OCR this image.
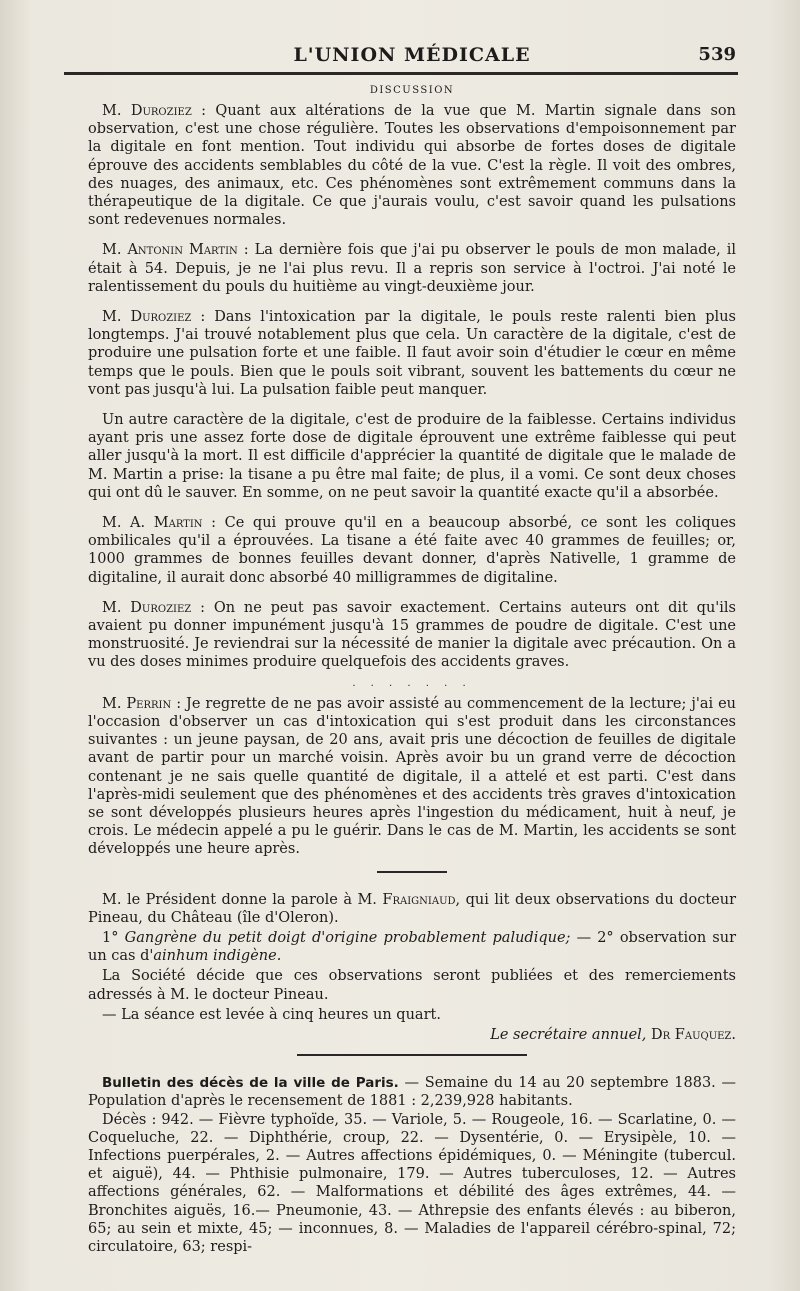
L'UNION MÉDICALE	539
DISCUSSION

M. Duroziez : Quant aux altérations de la vue que M. Martin signale dans son observation, c'est une chose régulière. Toutes les observations d'empoisonnement par la digitale en font mention. Tout individu qui absorbe de fortes doses de digitale éprouve des accidents semblables du côté de la vue. C'est la règle. Il voit des ombres, des nuages, des animaux, etc. Ces phénomènes sont extrêmement communs dans la thérapeutique de la digitale. Ce que j'aurais voulu, c'est savoir quand les pulsations sont redevenues normales.

M. Antonin Martin : La dernière fois que j'ai pu observer le pouls de mon malade, il était à 54. Depuis, je ne l'ai plus revu. Il a repris son service à l'octroi. J'ai noté le ralentissement du pouls du huitième au vingt-deuxième jour.

M. Duroziez : Dans l'intoxication par la digitale, le pouls reste ralenti bien plus longtemps. J'ai trouvé notablement plus que cela. Un caractère de la digitale, c'est de produire une pulsation forte et une faible. Il faut avoir soin d'étudier le cœur en même temps que le pouls. Bien que le pouls soit vibrant, souvent les battements du cœur ne vont pas jusqu'à lui. La pulsation faible peut manquer.

Un autre caractère de la digitale, c'est de produire de la faiblesse. Certains individus ayant pris une assez forte dose de digitale éprouvent une extrême faiblesse qui peut aller jusqu'à la mort. Il est difficile d'apprécier la quantité de digitale que le malade de M. Martin a prise: la tisane a pu être mal faite; de plus, il a vomi. Ce sont deux choses qui ont dû le sauver. En somme, on ne peut savoir la quantité exacte qu'il a absorbée.

M. A. Martin : Ce qui prouve qu'il en a beaucoup absorbé, ce sont les coliques ombilicales qu'il a éprouvées. La tisane a été faite avec 40 grammes de feuilles; or, 1000 grammes de bonnes feuilles devant donner, d'après Nativelle, 1 gramme de digitaline, il aurait donc absorbé 40 milligrammes de digitaline.

M. Duroziez : On ne peut pas savoir exactement. Certains auteurs ont dit qu'ils avaient pu donner impunément jusqu'à 15 grammes de poudre de digitale. C'est une monstruosité. Je reviendrai sur la nécessité de manier la digitale avec précaution. On a vu des doses minimes produire quelquefois des accidents graves.

. . . . . . .

M. Perrin : Je regrette de ne pas avoir assisté au commencement de la lecture; j'ai eu l'occasion d'observer un cas d'intoxication qui s'est produit dans les circonstances suivantes : un jeune paysan, de 20 ans, avait pris une décoction de feuilles de digitale avant de partir pour un marché voisin. Après avoir bu un grand verre de décoction contenant je ne sais quelle quantité de digitale, il a attelé et est parti. C'est dans l'après-midi seulement que des phénomènes et des accidents très graves d'intoxication se sont développés plusieurs heures après l'ingestion du médicament, huit à neuf, je crois. Le médecin appelé a pu le guérir. Dans le cas de M. Martin, les accidents se sont développés une heure après.

M. le Président donne la parole à M. Fraigniaud, qui lit deux observations du docteur Pineau, du Château (île d'Oleron).

1° Gangrène du petit doigt d'origine probablement paludique; — 2° observation sur un cas d'ainhum indigène.

La Société décide que ces observations seront publiées et des remerciements adressés à M. le docteur Pineau.

— La séance est levée à cinq heures un quart.

Le secrétaire annuel, Dr Fauquez.

Bulletin des décès de la ville de Paris. — Semaine du 14 au 20 septembre 1883. — Population d'après le recensement de 1881 : 2,239,928 habitants.

Décès : 942. — Fièvre typhoïde, 35. — Variole, 5. — Rougeole, 16. — Scarlatine, 0. — Coqueluche, 22. — Diphthérie, croup, 22. — Dysentérie, 0. — Erysipèle, 10. — Infections puerpérales, 2. — Autres affections épidémiques, 0. — Méningite (tubercul. et aiguë), 44. — Phthisie pulmonaire, 179. — Autres tuberculoses, 12. — Autres affections générales, 62. — Malformations et débilité des âges extrêmes, 44. — Bronchites aiguës, 16.— Pneumonie, 43. — Athrepsie des enfants élevés : au biberon, 65; au sein et mixte, 45; — inconnues, 8. — Maladies de l'appareil cérébro-spinal, 72; circulatoire, 63; respi-
